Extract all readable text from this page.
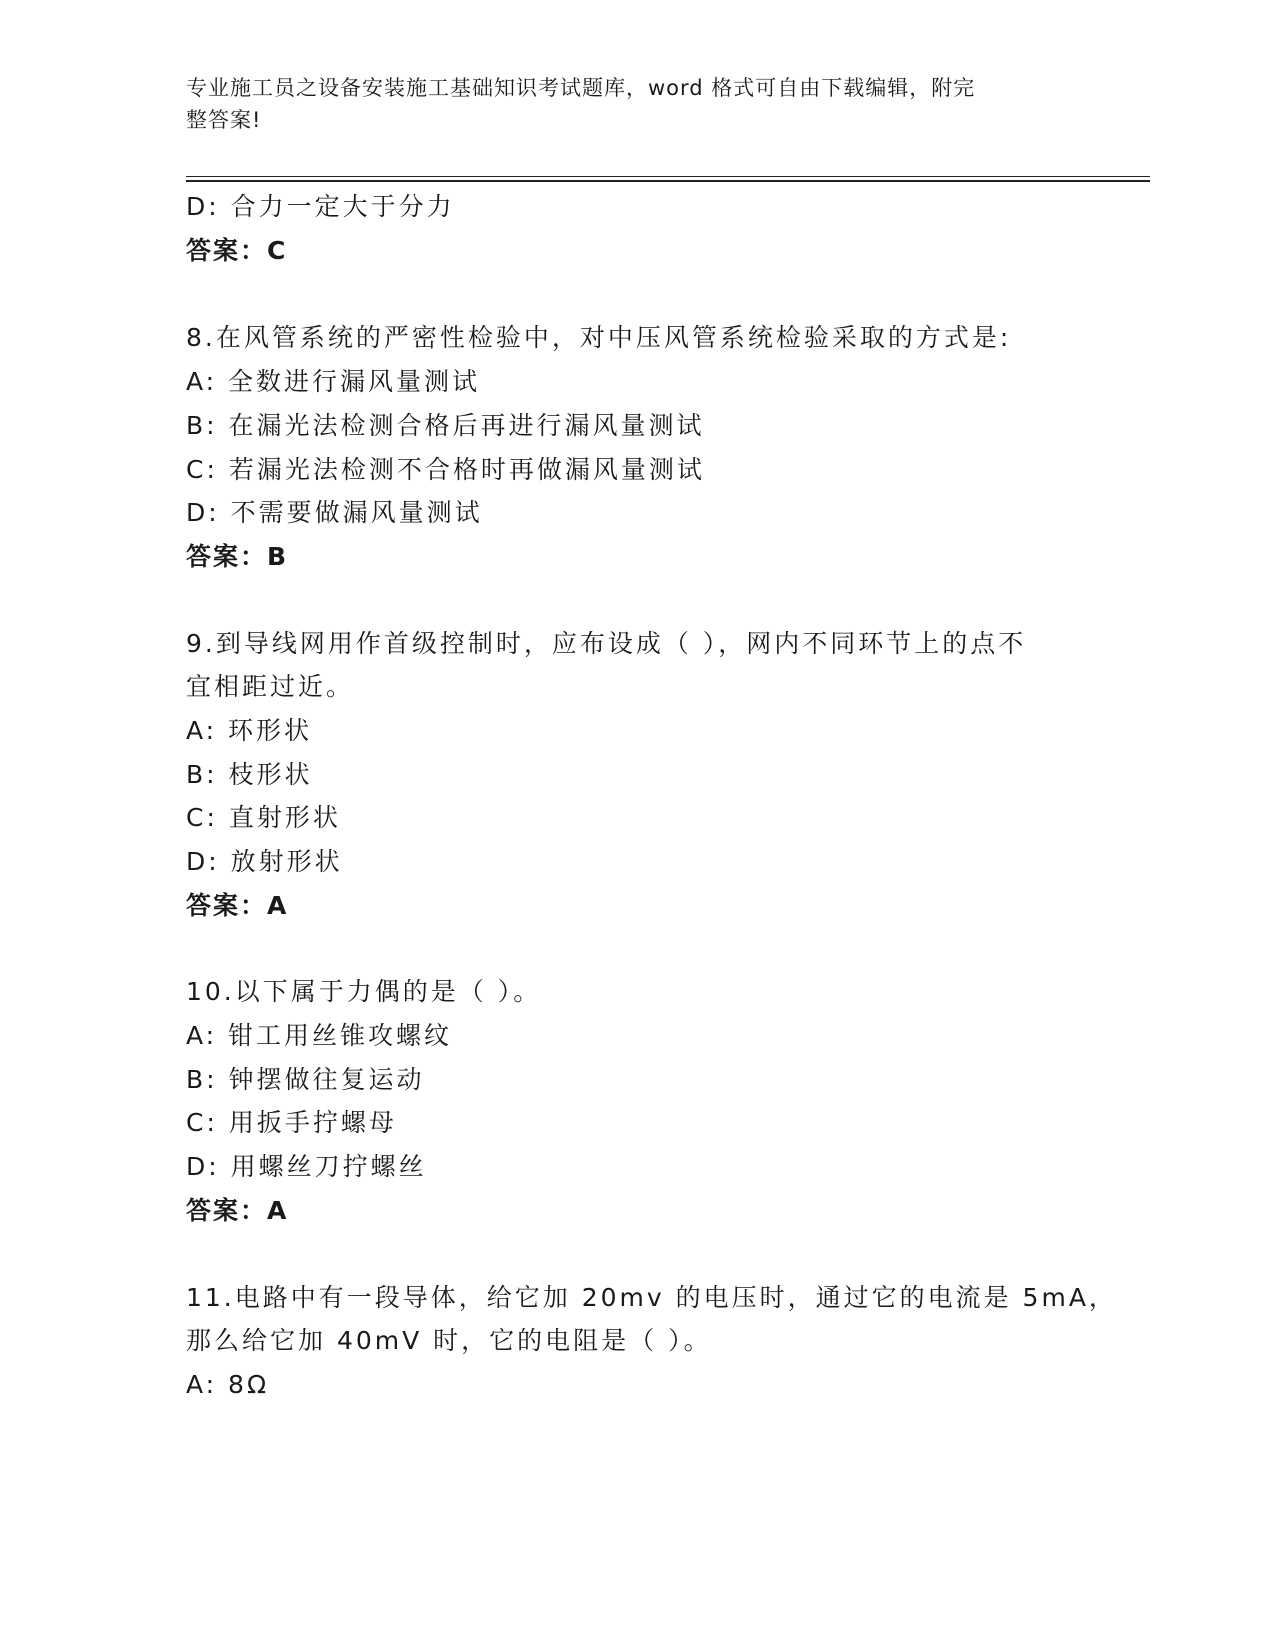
专业施工员之设备安装施工基础知识考试题库，word 格式可自由下载编辑，附完
整答案!
D: 合力一定大于分力
答案：C
8.在风管系统的严密性检验中，对中压风管系统检验采取的方式是:
A: 全数进行漏风量测试
B: 在漏光法检测合格后再进行漏风量测试
C: 若漏光法检测不合格时再做漏风量测试
D: 不需要做漏风量测试
答案：B
9.到导线网用作首级控制时，应布设成（ ），网内不同环节上的点不
宜相距过近。
A: 环形状
B: 枝形状
C: 直射形状
D: 放射形状
答案：A
10.以下属于力偶的是（ ）。
A: 钳工用丝锥攻螺纹
B: 钟摆做往复运动
C: 用扳手拧螺母
D: 用螺丝刀拧螺丝
答案：A
11.电路中有一段导体，给它加 20mv 的电压时，通过它的电流是 5mA，
那么给它加 40mV 时，它的电阻是（ ）。
A: 8Ω
